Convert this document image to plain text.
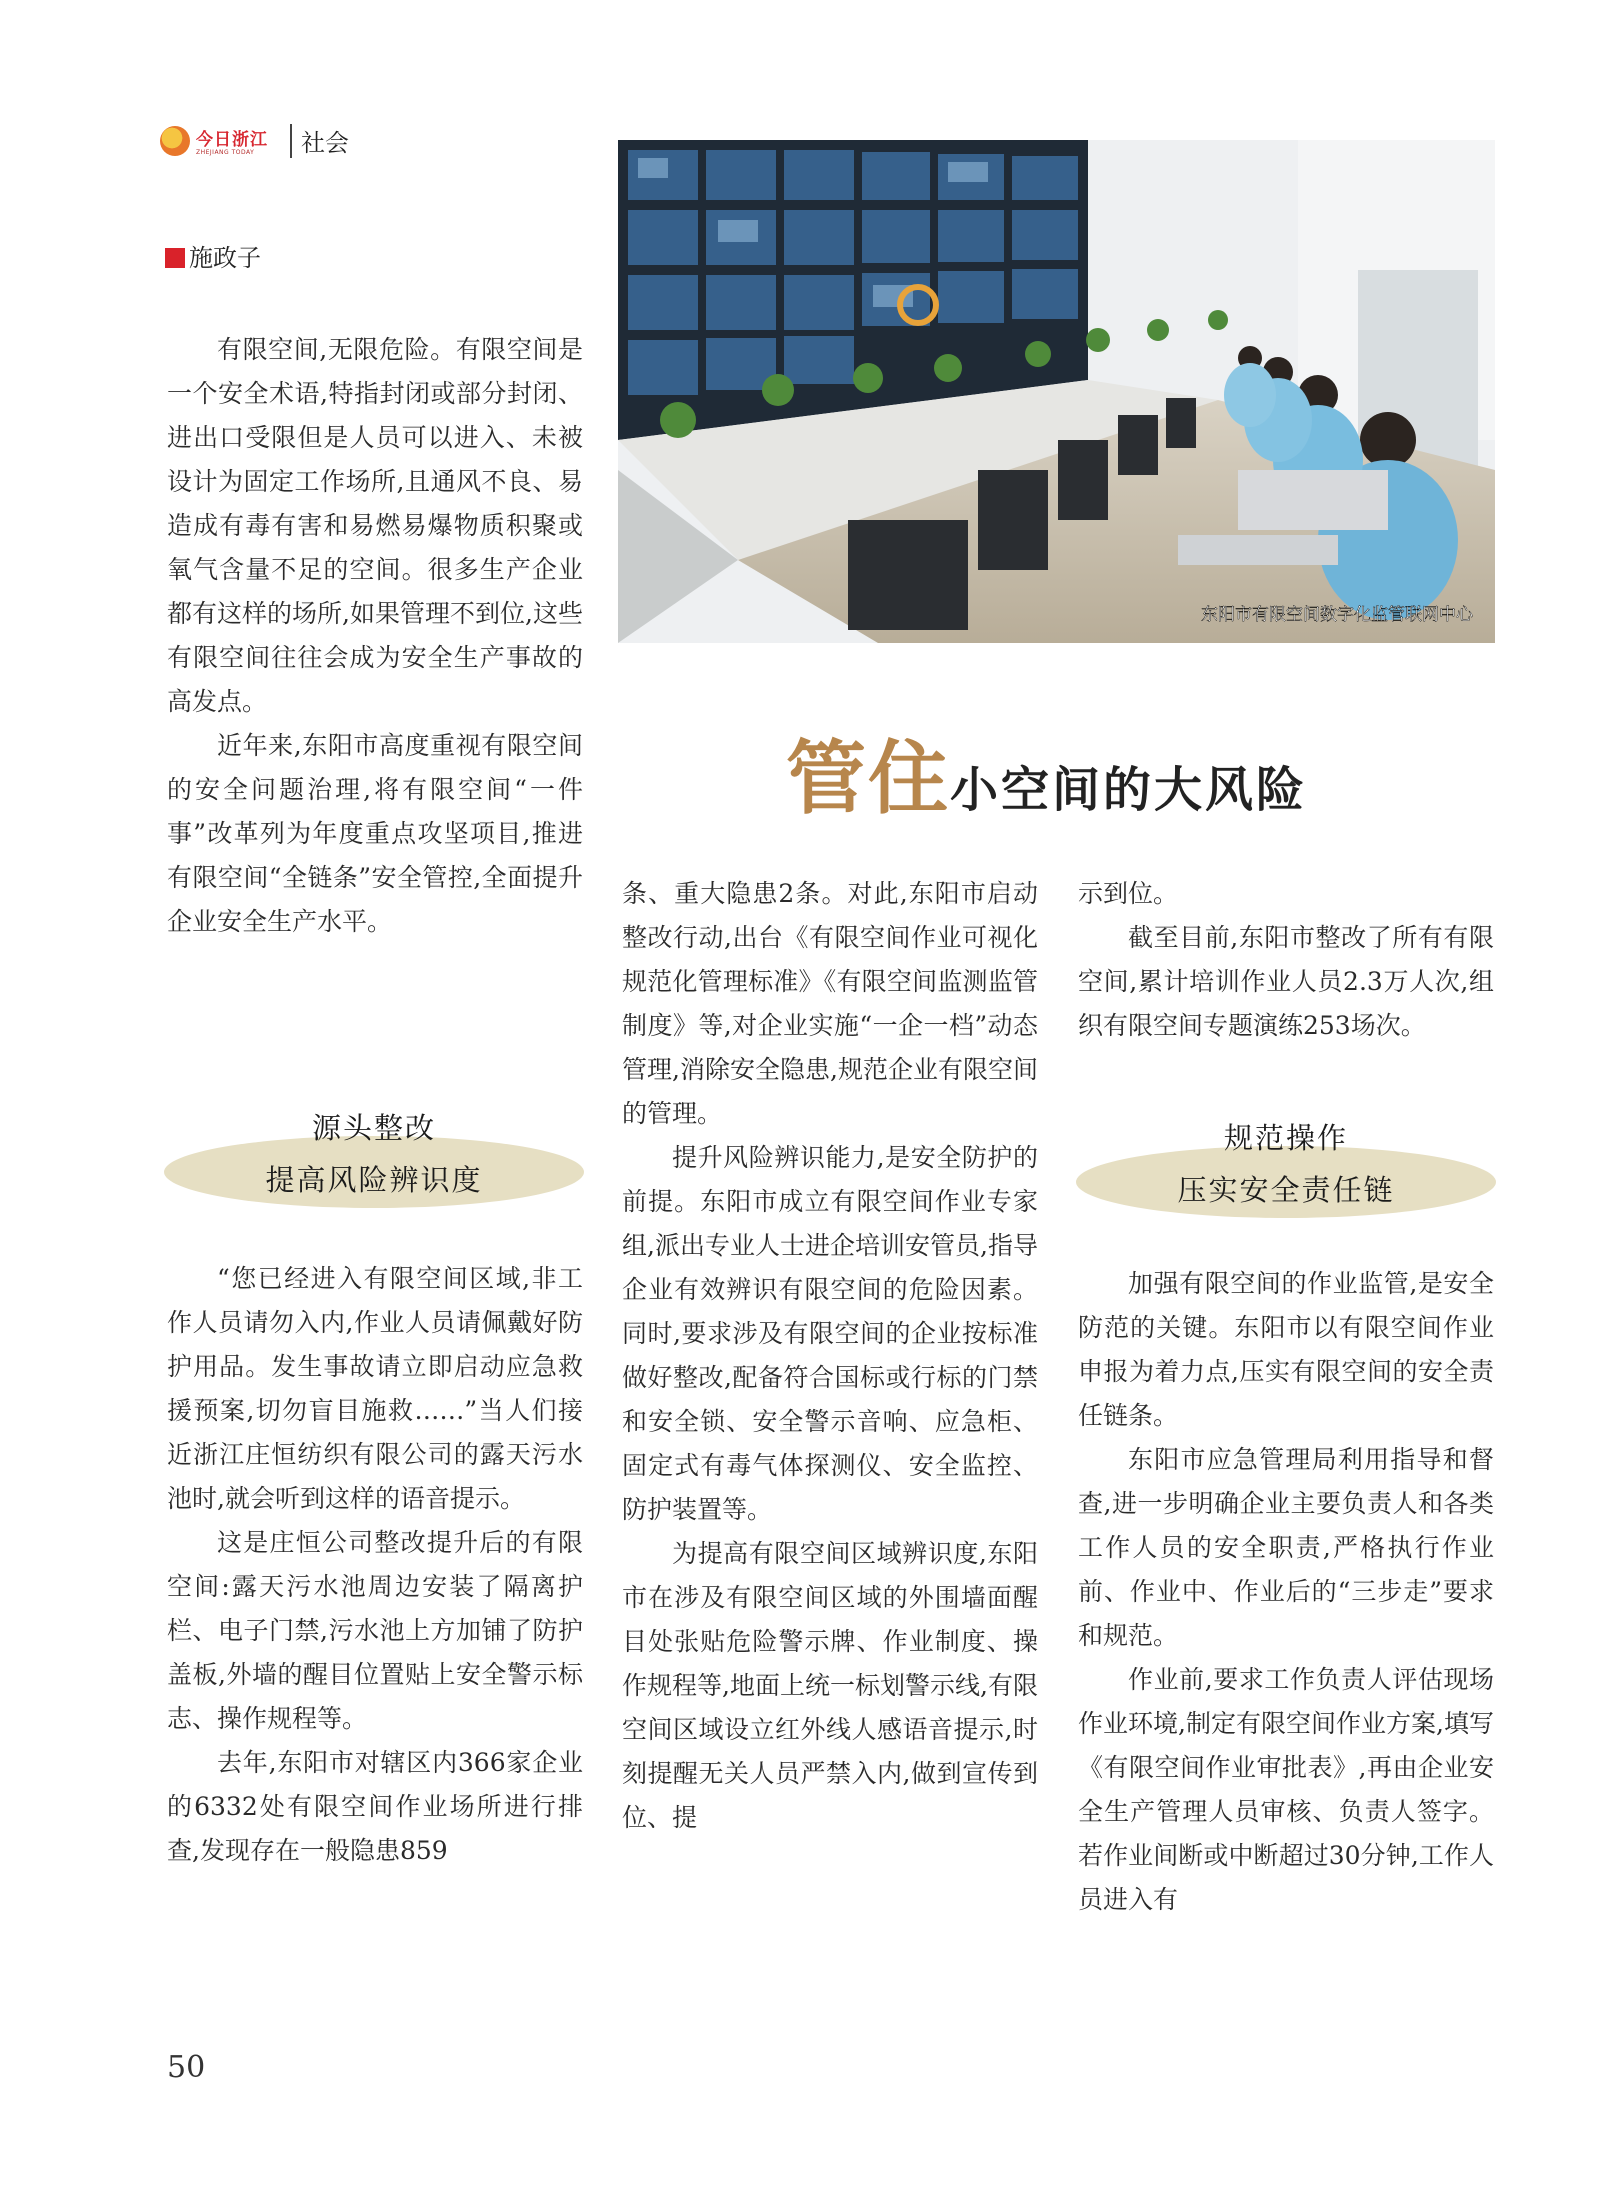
今日浙江
ZHEJIANG TODAY 社会
施政子
东阳市有限空间数字化监管联网中心
管住小空间的大风险

有限空间,无限危险。有限空间是一个安全术语,特指封闭或部分封闭、进出口受限但是人员可以进入、未被设计为固定工作场所,且通风不良、易造成有毒有害和易燃易爆物质积聚或氧气含量不足的空间。很多生产企业都有这样的场所,如果管理不到位,这些有限空间往往会成为安全生产事故的高发点。

近年来,东阳市高度重视有限空间的安全问题治理,将有限空间“一件事”改革列为年度重点攻坚项目,推进有限空间“全链条”安全管控,全面提升企业安全生产水平。

源头整改
提高风险辨识度

“您已经进入有限空间区域,非工作人员请勿入内,作业人员请佩戴好防护用品。发生事故请立即启动应急救援预案,切勿盲目施救……”当人们接近浙江庄恒纺织有限公司的露天污水池时,就会听到这样的语音提示。

这是庄恒公司整改提升后的有限空间:露天污水池周边安装了隔离护栏、电子门禁,污水池上方加铺了防护盖板,外墙的醒目位置贴上安全警示标志、操作规程等。

去年,东阳市对辖区内366家企业的6332处有限空间作业场所进行排查,发现存在一般隐患859

条、重大隐患2条。对此,东阳市启动整改行动,出台《有限空间作业可视化规范化管理标准》《有限空间监测监管制度》等,对企业实施“一企一档”动态管理,消除安全隐患,规范企业有限空间的管理。

提升风险辨识能力,是安全防护的前提。东阳市成立有限空间作业专家组,派出专业人士进企培训安管员,指导企业有效辨识有限空间的危险因素。同时,要求涉及有限空间的企业按标准做好整改,配备符合国标或行标的门禁和安全锁、安全警示音响、应急柜、固定式有毒气体探测仪、安全监控、防护装置等。

为提高有限空间区域辨识度,东阳市在涉及有限空间区域的外围墙面醒目处张贴危险警示牌、作业制度、操作规程等,地面上统一标划警示线,有限空间区域设立红外线人感语音提示,时刻提醒无关人员严禁入内,做到宣传到位、提

示到位。

截至目前,东阳市整改了所有有限空间,累计培训作业人员2.3万人次,组织有限空间专题演练253场次。

规范操作
压实安全责任链

加强有限空间的作业监管,是安全防范的关键。东阳市以有限空间作业申报为着力点,压实有限空间的安全责任链条。

东阳市应急管理局利用指导和督查,进一步明确企业主要负责人和各类工作人员的安全职责,严格执行作业前、作业中、作业后的“三步走”要求和规范。

作业前,要求工作负责人评估现场作业环境,制定有限空间作业方案,填写《有限空间作业审批表》,再由企业安全生产管理人员审核、负责人签字。若作业间断或中断超过30分钟,工作人员进入有

50
